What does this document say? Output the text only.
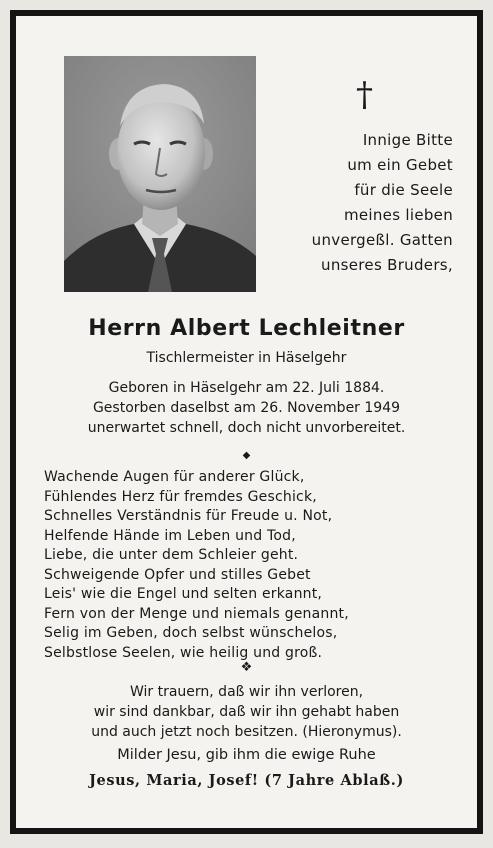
†
Innige Bitte
um ein Gebet
für die Seele
meines lieben
unvergeßl. Gatten
unseres Bruders,
Herrn Albert Lechleitner
Tischlermeister in Häselgehr
Geboren in Häselgehr am 22. Juli 1884.
Gestorben daselbst am 26. November 1949
unerwartet schnell, doch nicht unvorbereitet.
◆
Wachende Augen für anderer Glück,
Fühlendes Herz für fremdes Geschick,
Schnelles Verständnis für Freude u. Not,
Helfende Hände im Leben und Tod,
Liebe, die unter dem Schleier geht.
Schweigende Opfer und stilles Gebet
Leis' wie die Engel und selten erkannt,
Fern von der Menge und niemals genannt,
Selig im Geben, doch selbst wünschelos,
Selbstlose Seelen, wie heilig und groß.
❖
Wir trauern, daß wir ihn verloren,
wir sind dankbar, daß wir ihn gehabt haben
und auch jetzt noch besitzen. (Hieronymus).
Milder Jesu, gib ihm die ewige Ruhe
Jesus, Maria, Josef! (7 Jahre Ablaß.)
